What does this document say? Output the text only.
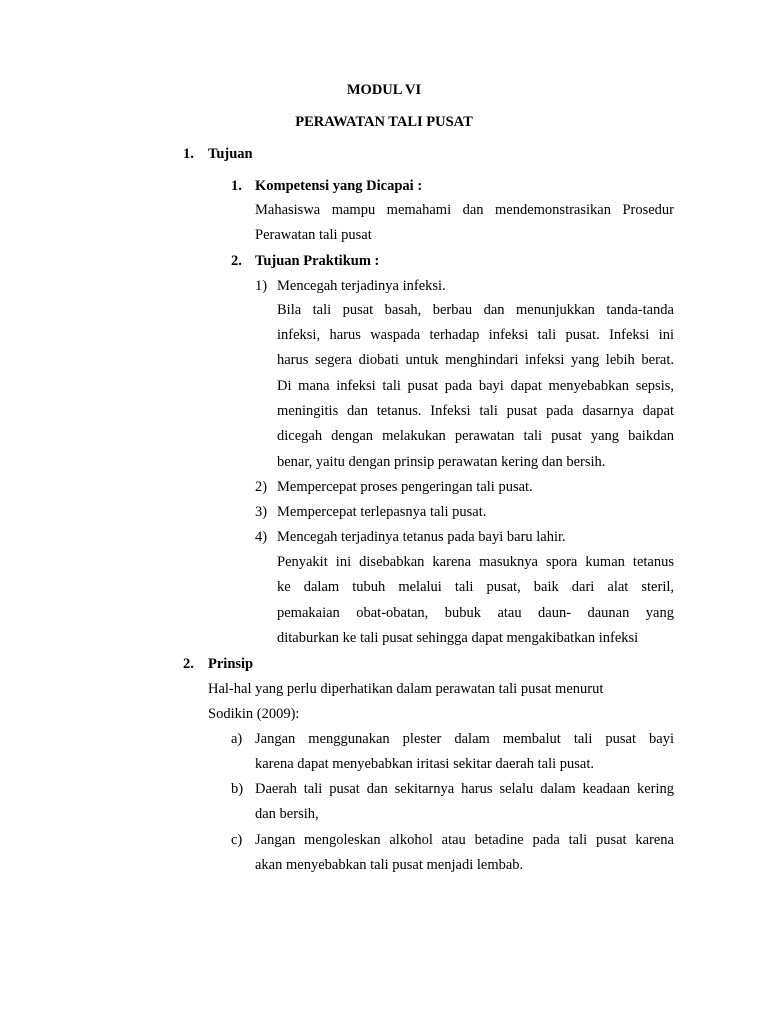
MODUL VI
PERAWATAN TALI PUSAT
1. Tujuan
1. Kompetensi yang Dicapai :
Mahasiswa mampu memahami dan mendemonstrasikan Prosedur
Perawatan tali pusat
2. Tujuan Praktikum :
1) Mencegah terjadinya infeksi.
Bila tali pusat basah, berbau dan menunjukkan tanda-tanda
infeksi, harus waspada terhadap infeksi tali pusat. Infeksi ini
harus segera diobati untuk menghindari infeksi yang lebih berat.
Di mana infeksi tali pusat pada bayi dapat menyebabkan sepsis,
meningitis dan tetanus. Infeksi tali pusat pada dasarnya dapat
dicegah dengan melakukan perawatan tali pusat yang baikdan
benar, yaitu dengan prinsip perawatan kering dan bersih.
2) Mempercepat proses pengeringan tali pusat.
3) Mempercepat terlepasnya tali pusat.
4) Mencegah terjadinya tetanus pada bayi baru lahir.
Penyakit ini disebabkan karena masuknya spora kuman tetanus
ke dalam tubuh melalui tali pusat, baik dari alat steril,
pemakaian obat-obatan, bubuk atau daun- daunan yang
ditaburkan ke tali pusat sehingga dapat mengakibatkan infeksi
2. Prinsip
Hal-hal yang perlu diperhatikan dalam perawatan tali pusat menurut
Sodikin (2009):
a) Jangan menggunakan plester dalam membalut tali pusat bayi
karena dapat menyebabkan iritasi sekitar daerah tali pusat.
b) Daerah tali pusat dan sekitarnya harus selalu dalam keadaan kering
dan bersih,
c) Jangan mengoleskan alkohol atau betadine pada tali pusat karena
akan menyebabkan tali pusat menjadi lembab.
